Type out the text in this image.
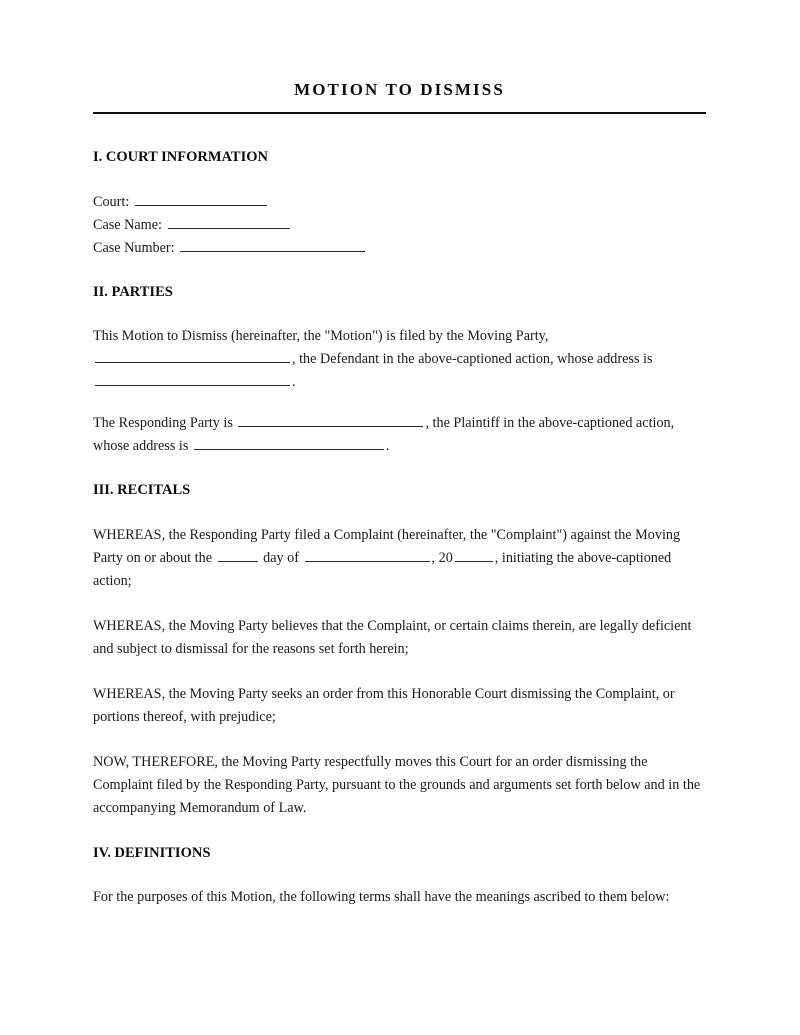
MOTION TO DISMISS
I. COURT INFORMATION
Court:
Case Name:
Case Number:
II. PARTIES

This Motion to Dismiss (hereinafter, the "Motion") is filed by the Moving Party,
, the Defendant in the above-captioned action, whose address is
.

The Responding Party is	, the Plaintiff in the above-captioned action,
whose address is	.

III. RECITALS

WHEREAS, the Responding Party filed a Complaint (hereinafter, the "Complaint") against the Moving Party on or about the	day of	, 20	, initiating the above-captioned action;

WHEREAS, the Moving Party believes that the Complaint, or certain claims therein, are legally deficient and subject to dismissal for the reasons set forth herein;

WHEREAS, the Moving Party seeks an order from this Honorable Court dismissing the Complaint, or portions thereof, with prejudice;

NOW, THEREFORE, the Moving Party respectfully moves this Court for an order dismissing the Complaint filed by the Responding Party, pursuant to the grounds and arguments set forth below and in the accompanying Memorandum of Law.

IV. DEFINITIONS

For the purposes of this Motion, the following terms shall have the meanings ascribed to them below:
